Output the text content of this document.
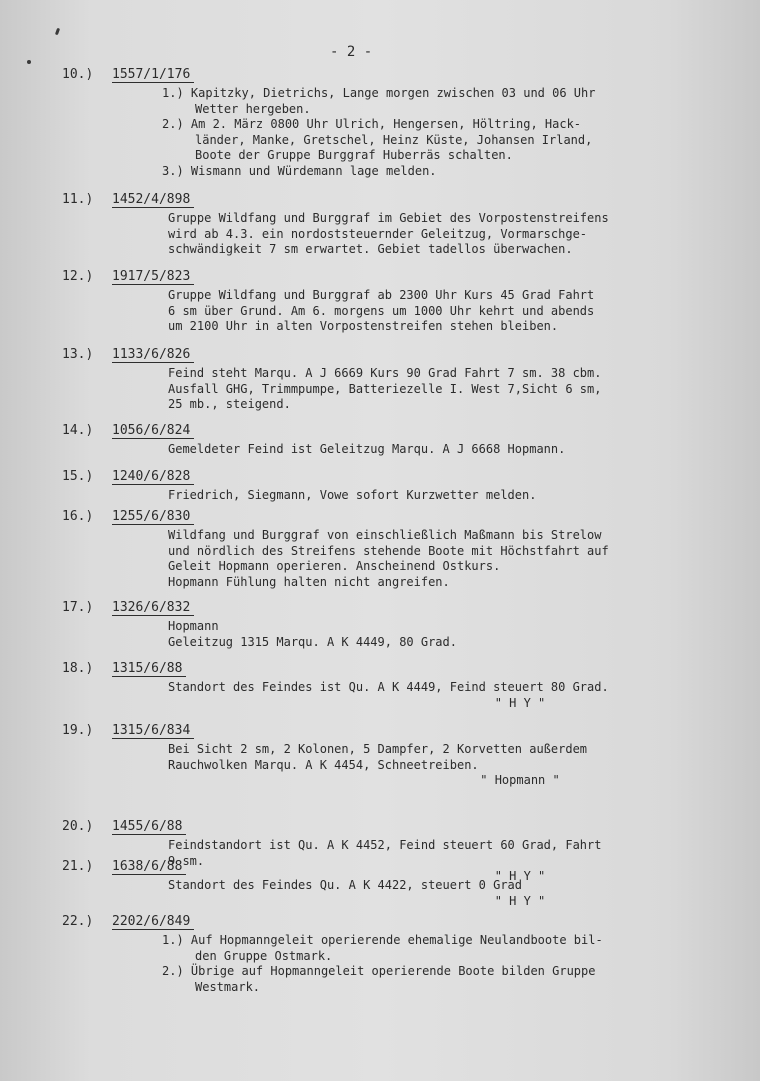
- 2 -
10.) 1557/1/176
1.) Kapitzky, Dietrichs, Lange morgen zwischen 03 und 06 Uhr
Wetter hergeben.
2.) Am 2. März 0800 Uhr Ulrich, Hengersen, Höltring, Hack-
länder, Manke, Gretschel, Heinz Küste, Johansen Irland,
Boote der Gruppe Burggraf Huberräs schalten.
3.) Wismann und Würdemann lage melden.
11.) 1452/4/898
Gruppe Wildfang und Burggraf im Gebiet des Vorpostenstreifens
wird ab 4.3. ein nordoststeuernder Geleitzug, Vormarschge-
schwändigkeit 7 sm erwartet. Gebiet tadellos überwachen.
12.) 1917/5/823
Gruppe Wildfang und Burggraf ab 2300 Uhr Kurs 45 Grad Fahrt
6 sm über Grund. Am 6. morgens um 1000 Uhr kehrt und abends
um 2100 Uhr in alten Vorpostenstreifen stehen bleiben.
13.) 1133/6/826
Feind steht Marqu. A J 6669 Kurs 90 Grad Fahrt 7 sm. 38 cbm.
Ausfall GHG, Trimmpumpe, Batteriezelle I. West 7,Sicht 6 sm,
25 mb., steigend.
14.) 1056/6/824
Gemeldeter Feind ist Geleitzug Marqu. A J 6668 Hopmann.
15.) 1240/6/828
Friedrich, Siegmann, Vowe sofort Kurzwetter melden.
16.) 1255/6/830
Wildfang und Burggraf von einschließlich Maßmann bis Strelow
und nördlich des Streifens stehende Boote mit Höchstfahrt auf
Geleit Hopmann operieren. Anscheinend Ostkurs.
Hopmann Fühlung halten nicht angreifen.
17.) 1326/6/832
Hopmann
Geleitzug 1315 Marqu. A K 4449, 80 Grad.
18.) 1315/6/88
Standort des Feindes ist Qu. A K 4449, Feind steuert 80 Grad.
" H Y "
19.) 1315/6/834
Bei Sicht 2 sm, 2 Kolonen, 5 Dampfer, 2 Korvetten außerdem
Rauchwolken Marqu. A K 4454, Schneetreiben.
" Hopmann "
20.) 1455/6/88
Feindstandort ist Qu. A K 4452, Feind steuert 60 Grad, Fahrt
9 sm.
" H Y "
21.) 1638/6/88
Standort des Feindes Qu. A K 4422, steuert 0 Grad
" H Y "
22.) 2202/6/849
1.) Auf Hopmanngeleit operierende ehemalige Neulandboote bil-
den Gruppe Ostmark.
2.) Übrige auf Hopmanngeleit operierende Boote bilden Gruppe
Westmark.
